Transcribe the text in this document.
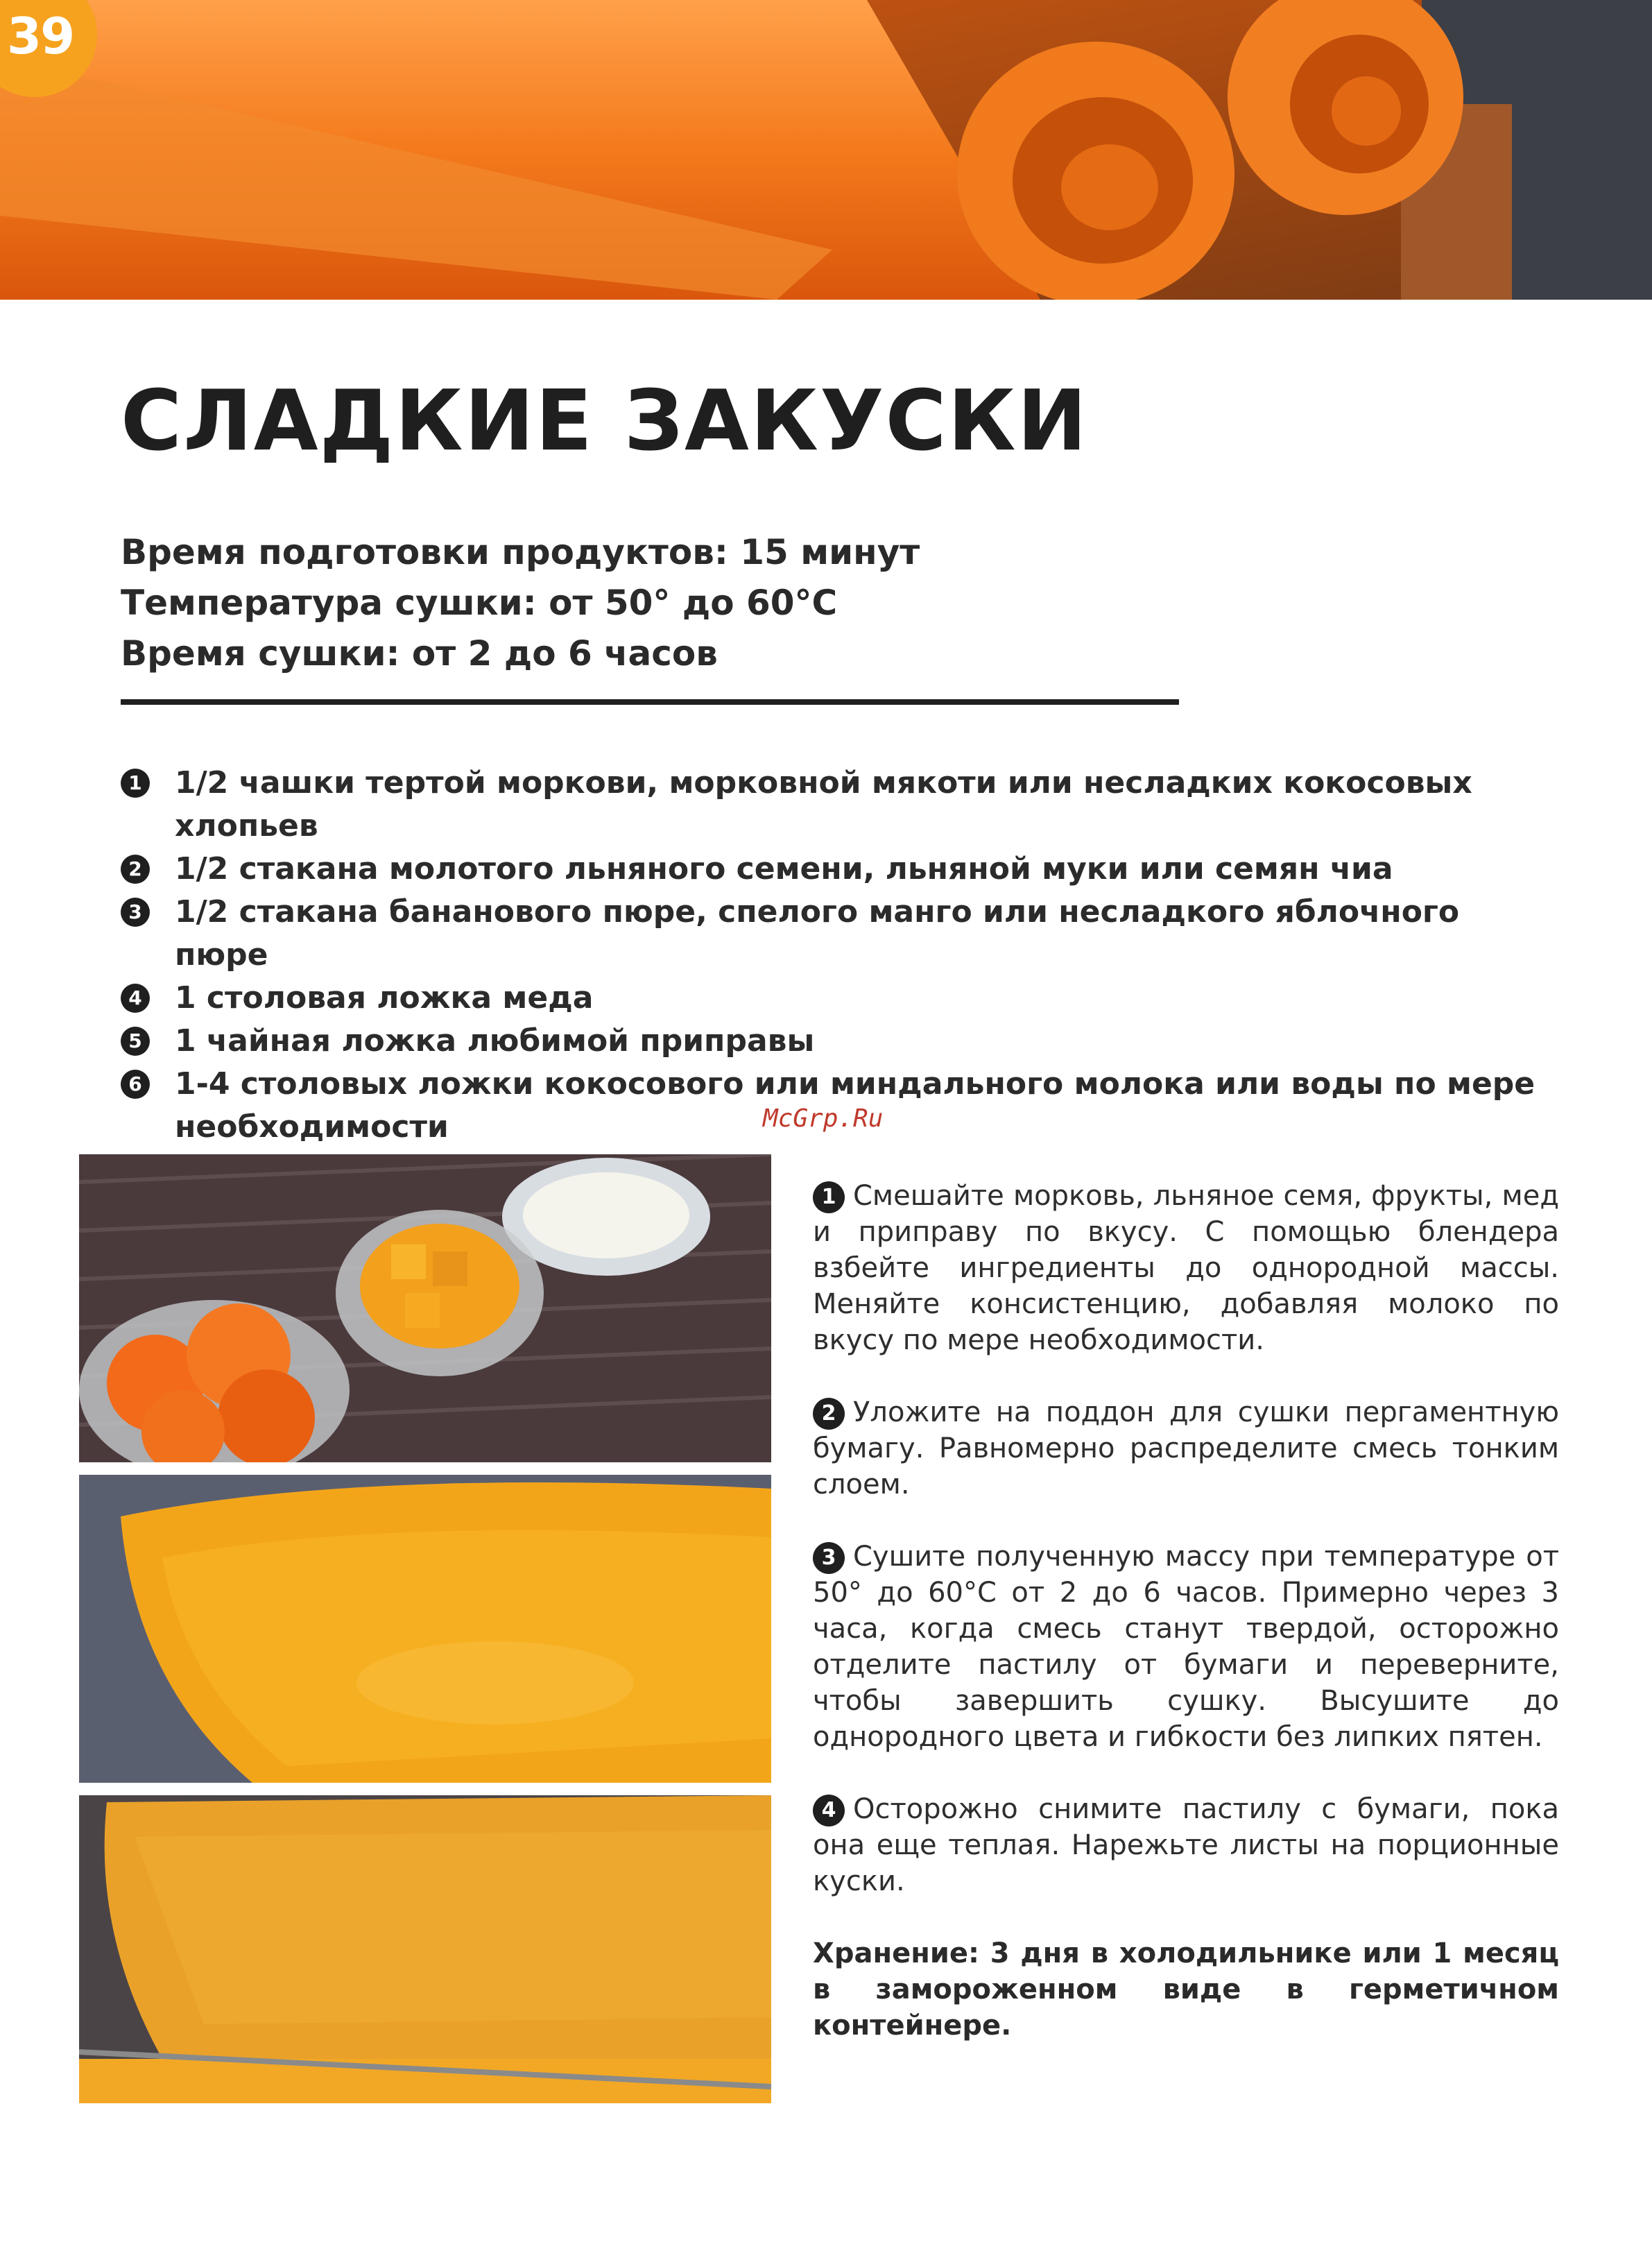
39
СЛАДКИЕ ЗАКУСКИ
Время подготовки продуктов: 15 минут
Температура сушки: от 50° до 60°C
Время сушки: от 2 до 6 часов
1 1/2 чашки тертой моркови, морковной мякоти или несладких кокосовых хлопьев
2 1/2 стакана молотого льняного семени, льняной муки или семян чиа
3 1/2 стакана бананового пюре, спелого манго или несладкого яблочного пюре
4 1 столовая ложка меда
5 1 чайная ложка любимой приправы
6 1-4 столовых ложки кокосового или миндального молока или воды по мере необходимости	McGrp.Ru
1 Смешайте морковь, льняное семя, фрукты, мед и приправу по вкусу. С помощью блендера взбейте ингредиенты до однородной массы. Меняйте консистенцию, добавляя молоко по вкусу по мере необходимости.
2 Уложите на поддон для сушки пергаментную бумагу. Равномерно распределите смесь тонким слоем.
3 Сушите полученную массу при температуре от 50° до 60°C от 2 до 6 часов. Примерно через 3 часа, когда смесь станут твердой, осторожно отделите пастилу от бумаги и переверните, чтобы завершить сушку. Высушите до однородного цвета и гибкости без липких пятен.
4 Осторожно снимите пастилу с бумаги, пока она еще теплая. Нарежьте листы на порционные куски.
Хранение: 3 дня в холодильнике или 1 месяц в замороженном виде в герметичном контейнере.
